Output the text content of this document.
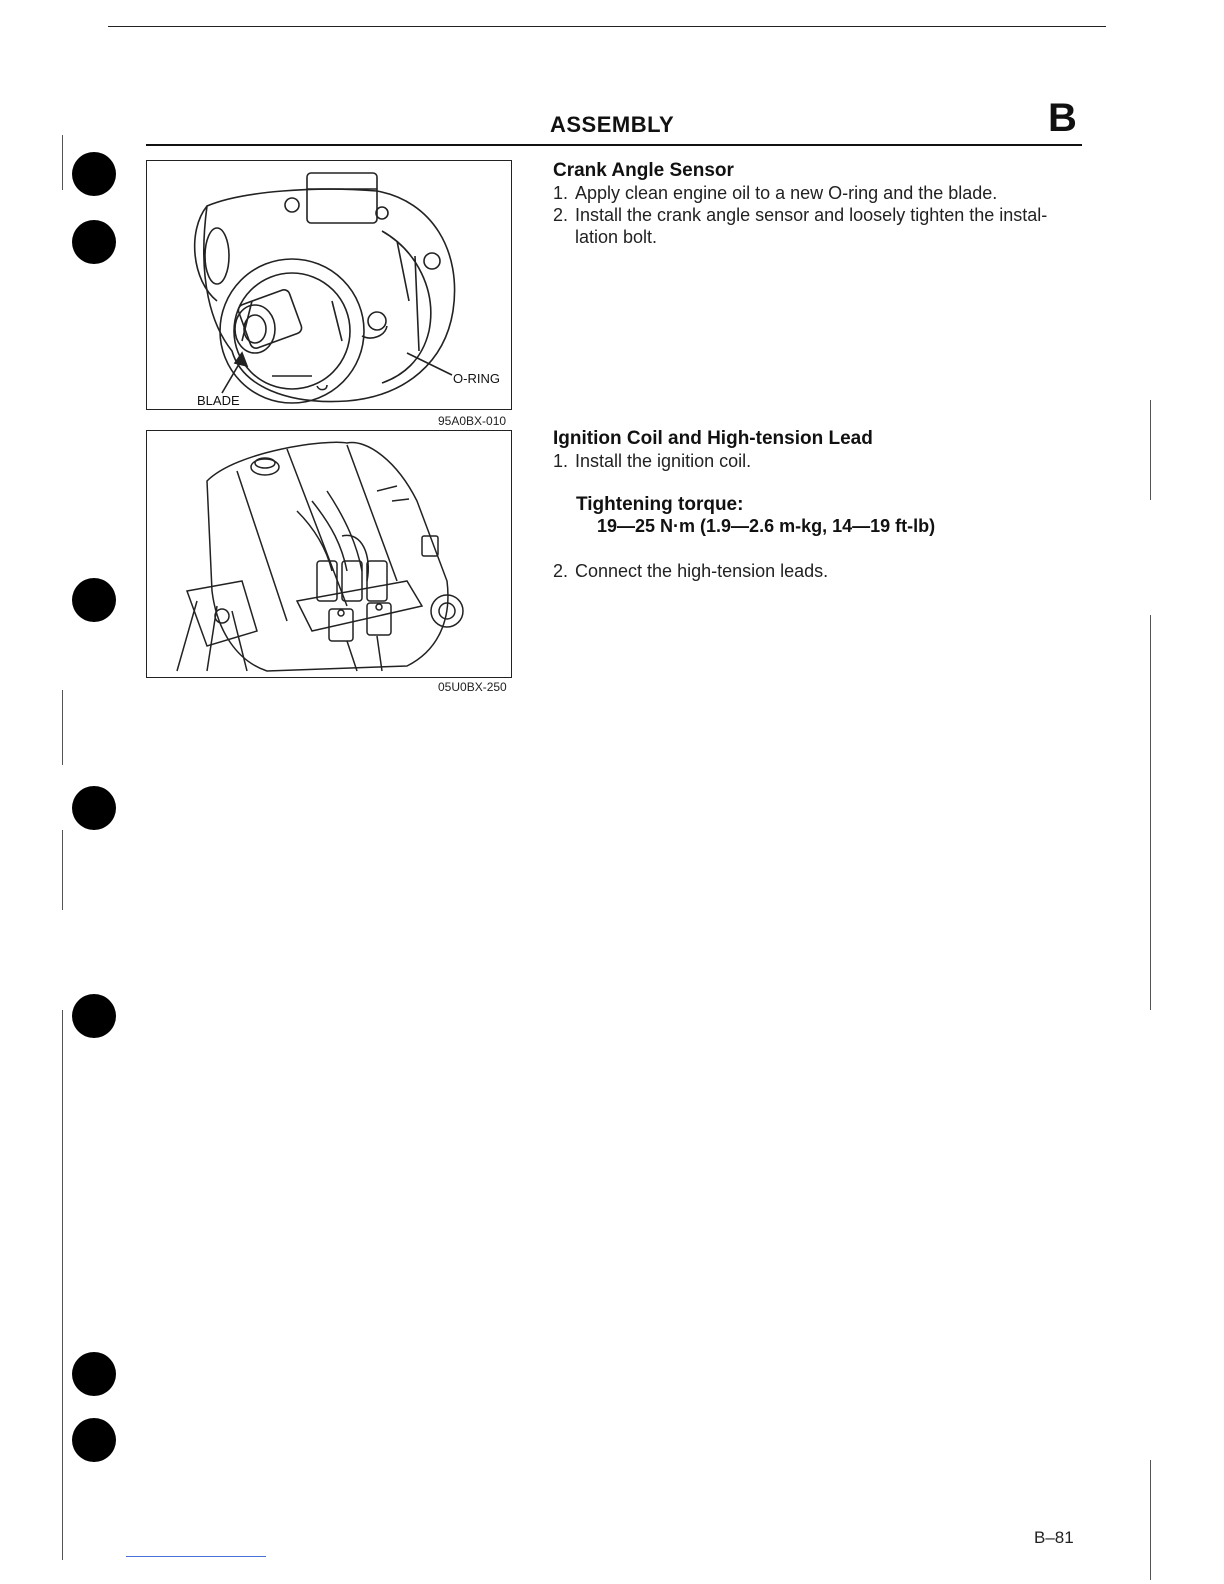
ASSEMBLY	B
BLADE
O-RING
95A0BX-010
05U0BX-250
Crank Angle Sensor
1. Apply clean engine oil to a new O-ring and the blade.
2. Install the crank angle sensor and loosely tighten the instal-
lation bolt.
Ignition Coil and High-tension Lead
1. Install the ignition coil.
Tightening torque:
19—25 N·m (1.9—2.6 m-kg, 14—19 ft-lb)
2. Connect the high-tension leads.
B–81
